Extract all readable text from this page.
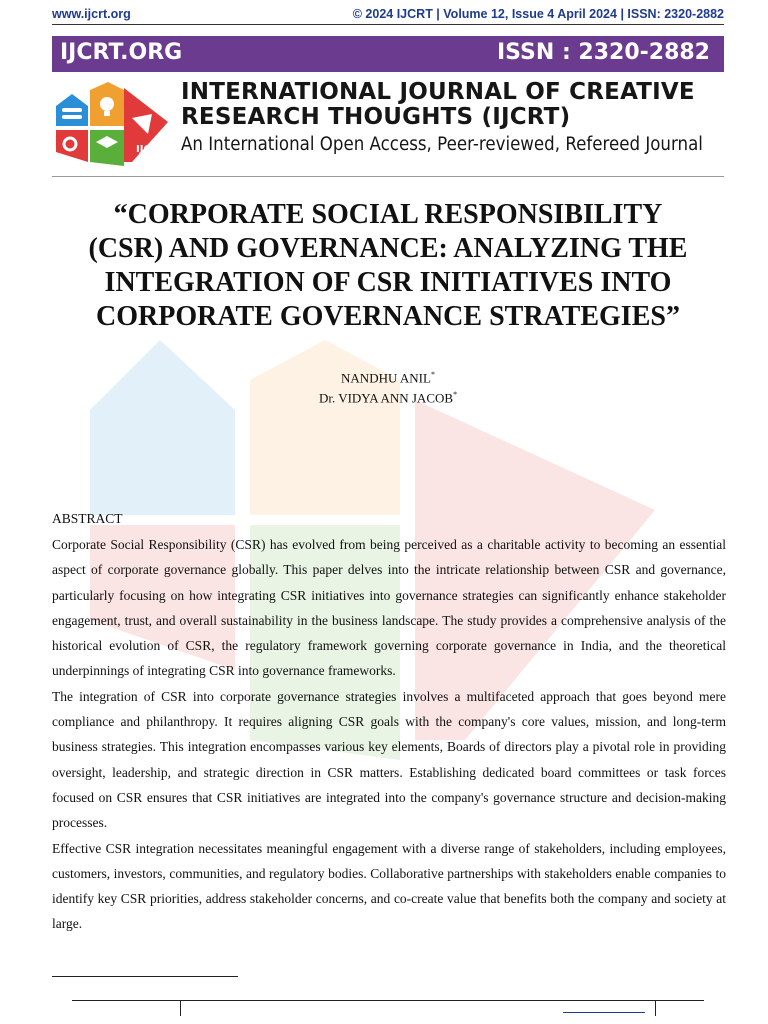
www.ijcrt.org	© 2024 IJCRT | Volume 12, Issue 4 April 2024 | ISSN: 2320-2882
IJCRT.ORG	ISSN : 2320-2882
IJCRT
INTERNATIONAL JOURNAL OF CREATIVE
RESEARCH THOUGHTS (IJCRT)
An International Open Access, Peer-reviewed, Refereed Journal
“CORPORATE SOCIAL RESPONSIBILITY
(CSR) AND GOVERNANCE: ANALYZING THE
INTEGRATION OF CSR INITIATIVES INTO
CORPORATE GOVERNANCE STRATEGIES”
NANDHU ANIL*
Dr. VIDYA ANN JACOB*
ABSTRACT

Corporate Social Responsibility (CSR) has evolved from being perceived as a charitable activity to becoming an essential aspect of corporate governance globally. This paper delves into the intricate relationship between CSR and governance, particularly focusing on how integrating CSR initiatives into governance strategies can significantly enhance stakeholder engagement, trust, and overall sustainability in the business landscape. The study provides a comprehensive analysis of the historical evolution of CSR, the regulatory framework governing corporate governance in India, and the theoretical underpinnings of integrating CSR into governance frameworks.

The integration of CSR into corporate governance strategies involves a multifaceted approach that goes beyond mere compliance and philanthropy. It requires aligning CSR goals with the company's core values, mission, and long-term business strategies. This integration encompasses various key elements, Boards of directors play a pivotal role in providing oversight, leadership, and strategic direction in CSR matters. Establishing dedicated board committees or task forces focused on CSR ensures that CSR initiatives are integrated into the company's governance structure and decision-making processes.

Effective CSR integration necessitates meaningful engagement with a diverse range of stakeholders, including employees, customers, investors, communities, and regulatory bodies. Collaborative partnerships with stakeholders enable companies to identify key CSR priorities, address stakeholder concerns, and co-create value that benefits both the company and society at large.
